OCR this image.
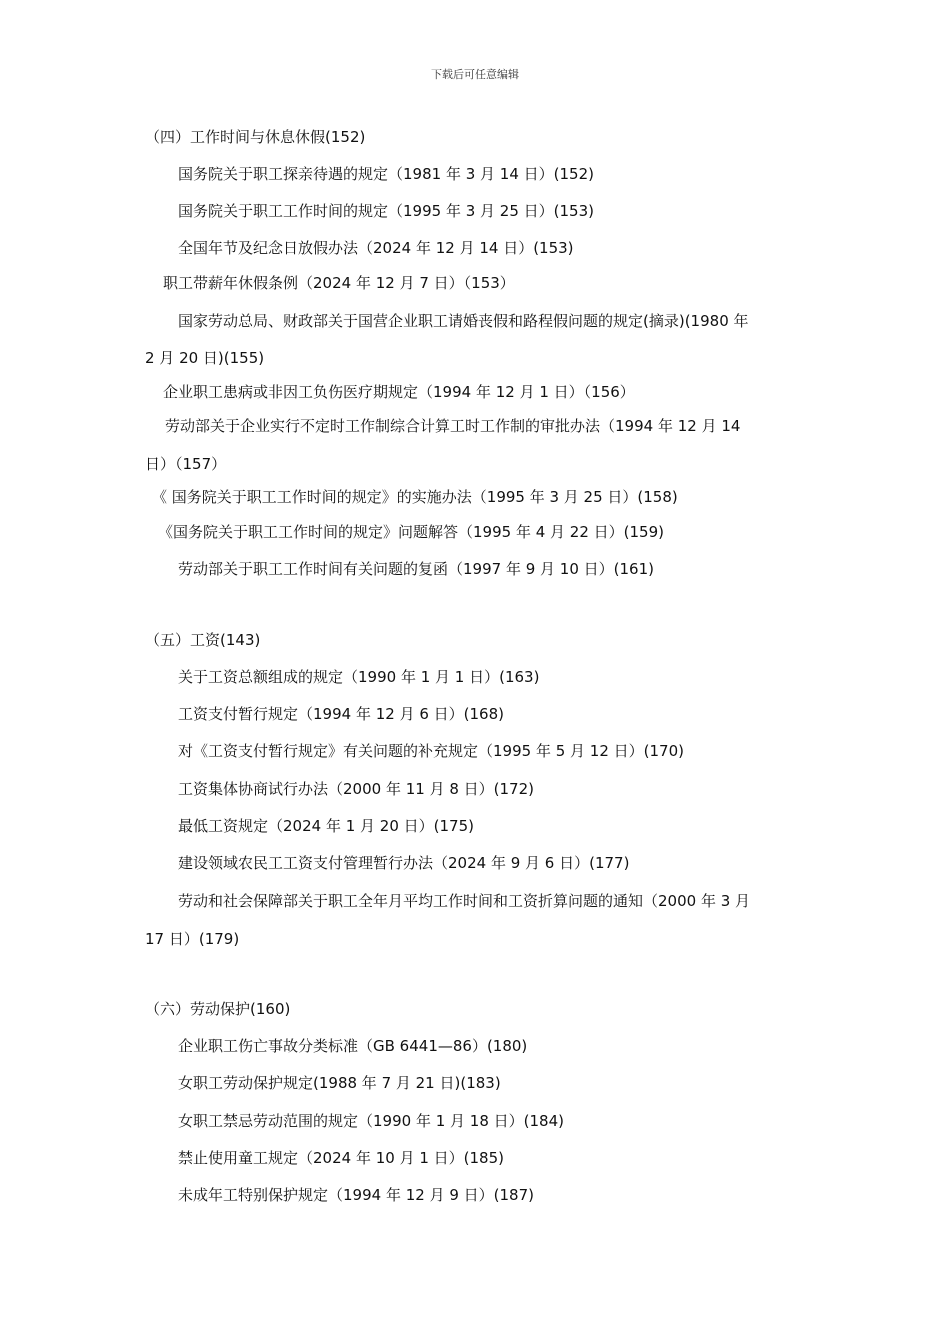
下载后可任意编辑
（四）工作时间与休息休假(152)
国务院关于职工探亲待遇的规定（1981 年 3 月 14 日）(152)
国务院关于职工工作时间的规定（1995 年 3 月 25 日）(153)
全国年节及纪念日放假办法（2024 年 12 月 14 日）(153)
职工带薪年休假条例（2024 年 12 月 7 日）（153）
国家劳动总局、财政部关于国营企业职工请婚丧假和路程假问题的规定(摘录)(1980 年
2 月 20 日)(155)
企业职工患病或非因工负伤医疗期规定（1994 年 12 月 1 日）（156）
劳动部关于企业实行不定时工作制综合计算工时工作制的审批办法（1994 年 12 月 14
日）（157）
《 国务院关于职工工作时间的规定》的实施办法（1995 年 3 月 25 日）(158)
《国务院关于职工工作时间的规定》问题解答（1995 年 4 月 22 日）(159)
劳动部关于职工工作时间有关问题的复函（1997 年 9 月 10 日）(161)
（五）工资(143)
关于工资总额组成的规定（1990 年 1 月 1 日）(163)
工资支付暂行规定（1994 年 12 月 6 日）(168)
对《工资支付暂行规定》有关问题的补充规定（1995 年 5 月 12 日）(170)
工资集体协商试行办法（2000 年 11 月 8 日）(172)
最低工资规定（2024 年 1 月 20 日）(175)
建设领域农民工工资支付管理暂行办法（2024 年 9 月 6 日）(177)
劳动和社会保障部关于职工全年月平均工作时间和工资折算问题的通知（2000 年 3 月
17 日）(179)
（六）劳动保护(160)
企业职工伤亡事故分类标准（GB 6441—86）(180)
女职工劳动保护规定(1988 年 7 月 21 日)(183)
女职工禁忌劳动范围的规定（1990 年 1 月 18 日）(184)
禁止使用童工规定（2024 年 10 月 1 日）(185)
未成年工特别保护规定（1994 年 12 月 9 日）(187)
